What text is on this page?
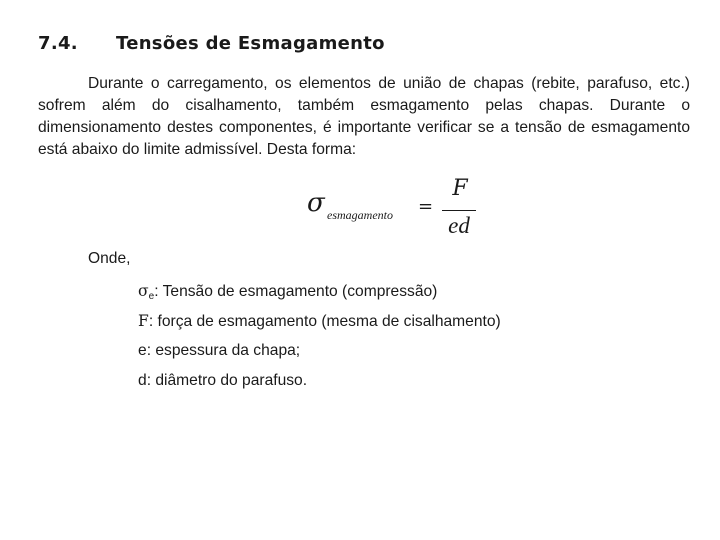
7.4. Tensões de Esmagamento

Durante o carregamento, os elementos de união de chapas (rebite, parafuso, etc.) sofrem além do cisalhamento, também esmagamento pelas chapas. Durante o dimensionamento destes componentes, é importante verificar se a tensão de esmagamento está abaixo do limite admissível. Desta forma:

σ esmagamento =
F
ed
Onde,
$\sigma_e$: Tensão de esmagamento (compressão)
F: força de esmagamento (mesma de cisalhamento)
e: espessura da chapa;
d: diâmetro do parafuso.
